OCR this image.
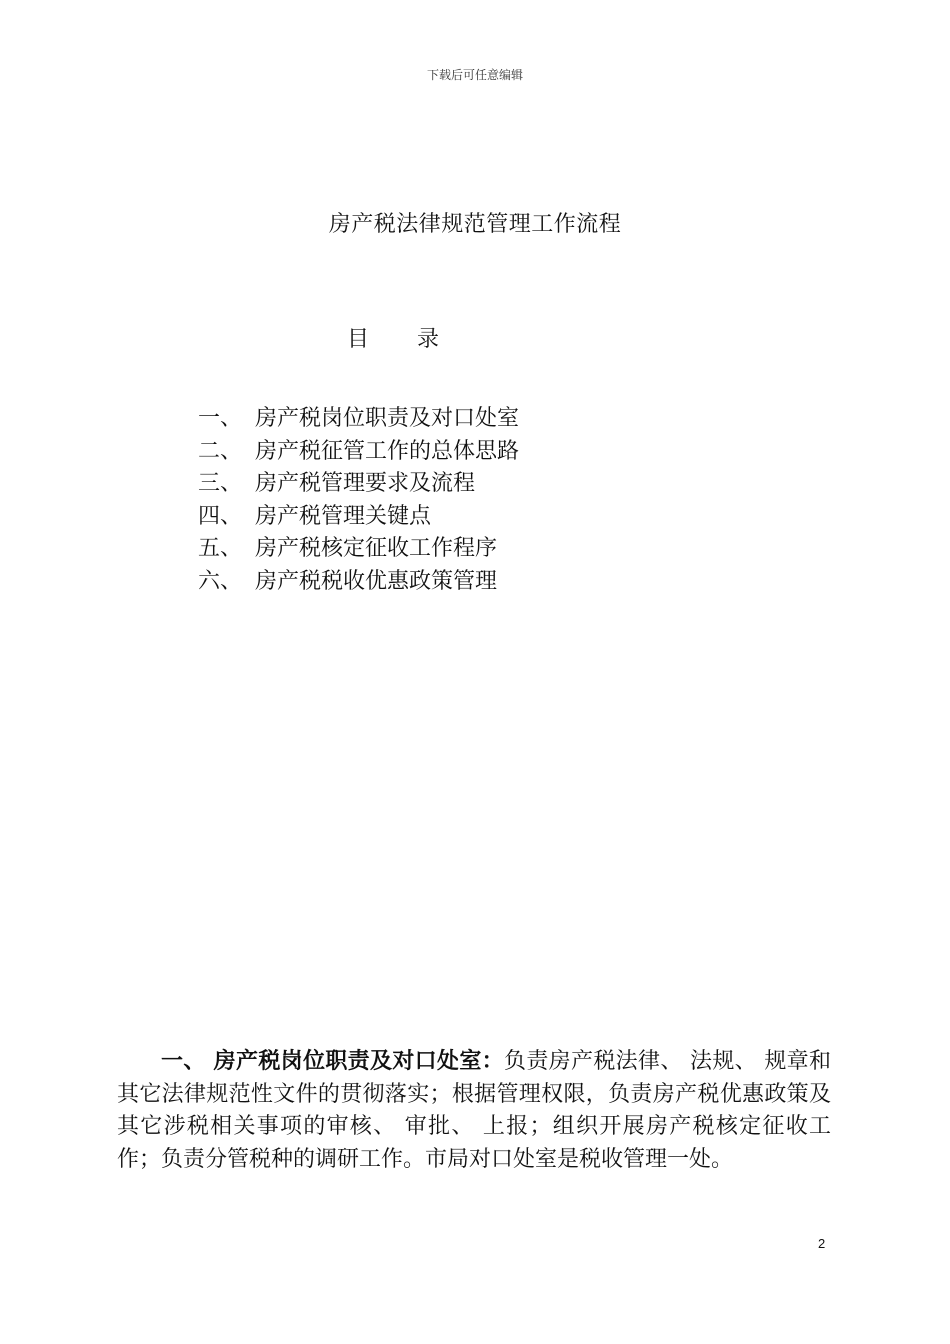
下载后可任意编辑
房产税法律规范管理工作流程
目 录
一、 房产税岗位职责及对口处室
二、 房产税征管工作的总体思路
三、 房产税管理要求及流程
四、 房产税管理关键点
五、 房产税核定征收工作程序
六、 房产税税收优惠政策管理

一、 房产税岗位职责及对口处室：负责房产税法律、 法规、 规章和其它法律规范性文件的贯彻落实；根据管理权限，负责房产税优惠政策及其它涉税相关事项的审核、 审批、 上报；组织开展房产税核定征收工作；负责分管税种的调研工作。市局对口处室是税收管理一处。

2
